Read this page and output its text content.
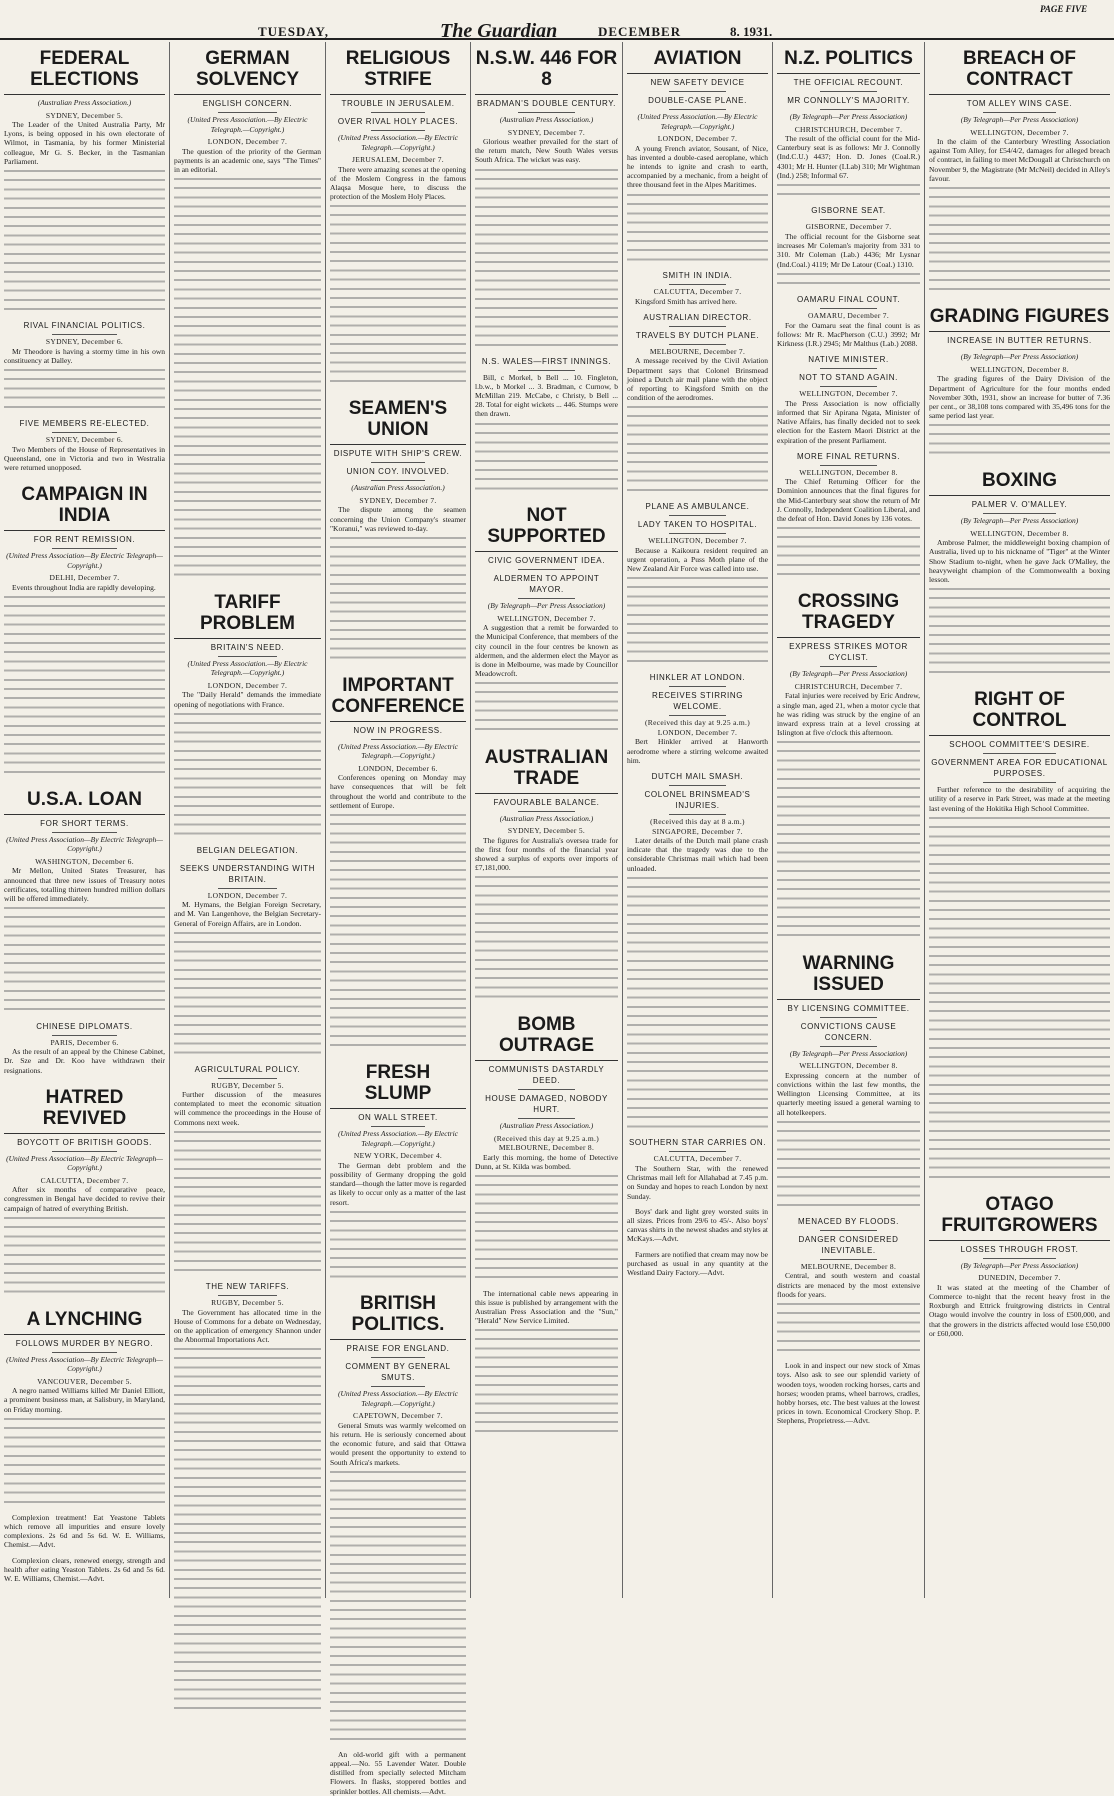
TUESDAY,	The Guardian	DECEMBER	8. 1931.
PAGE FIVE
FEDERAL ELECTIONS
(Australian Press Association.)
SYDNEY, December 5.
The Leader of the United Australia Party, Mr Lyons, is being opposed in his own electorate of Wilmot, in Tasmania, by his former Ministerial colleague, Mr G. S. Becker, in the Tasmanian Parliament.
RIVAL FINANCIAL POLITICS.
SYDNEY, December 6.
Mr Theodore is having a stormy time in his own constituency at Dalley.
FIVE MEMBERS RE-ELECTED.
SYDNEY, December 6.
Two Members of the House of Representatives in Queensland, one in Victoria and two in Westralia were returned unopposed.
CAMPAIGN IN INDIA
FOR RENT REMISSION.
(United Press Association—By Electric Telegraph—Copyright.)
DELHI, December 7.
Events throughout India are rapidly developing.
U.S.A. LOAN
FOR SHORT TERMS.
(United Press Association—By Electric Telegraph—Copyright.)
WASHINGTON, December 6.
Mr Mellon, United States Treasurer, has announced that three new issues of Treasury notes certificates, totalling thirteen hundred million dollars will be offered immediately.
CHINESE DIPLOMATS.
PARIS, December 6.
As the result of an appeal by the Chinese Cabinet, Dr. Sze and Dr. Koo have withdrawn their resignations.
HATRED REVIVED
BOYCOTT OF BRITISH GOODS.
(United Press Association—By Electric Telegraph—Copyright.)
CALCUTTA, December 7.
After six months of comparative peace, congressmen in Bengal have decided to revive their campaign of hatred of everything British.
A LYNCHING
FOLLOWS MURDER BY NEGRO.
(United Press Association—By Electric Telegraph—Copyright.)
VANCOUVER, December 5.
A negro named Williams killed Mr Daniel Elliott, a prominent business man, at Salisbury, in Maryland, on Friday morning.
Complexion treatment! Eat Yeastone Tablets which remove all impurities and ensure lovely complexions. 2s 6d and 5s 6d. W. E. Williams, Chemist.—Advt.
Complexion clears, renewed energy, strength and health after eating Yeaston Tablets. 2s 6d and 5s 6d. W. E. Williams, Chemist.—Advt.
GERMAN SOLVENCY
ENGLISH CONCERN.
(United Press Association.—By Electric Telegraph.—Copyright.)
LONDON, December 7.
The question of the priority of the German payments is an academic one, says "The Times" in an editorial.
TARIFF PROBLEM
BRITAIN'S NEED.
(United Press Association.—By Electric Telegraph.—Copyright.)
LONDON, December 7.
The "Daily Herald" demands the immediate opening of negotiations with France.
BELGIAN DELEGATION.
SEEKS UNDERSTANDING WITH BRITAIN.
LONDON, December 7.
M. Hymans, the Belgian Foreign Secretary, and M. Van Langenhove, the Belgian Secretary-General of Foreign Affairs, are in London.
AGRICULTURAL POLICY.
RUGBY, December 5.
Further discussion of the measures contemplated to meet the economic situation will commence the proceedings in the House of Commons next week.
THE NEW TARIFFS.
RUGBY, December 5.
The Government has allocated time in the House of Commons for a debate on Wednesday, on the application of emergency Shannon under the Abnormal Importations Act.
RELIGIOUS STRIFE
TROUBLE IN JERUSALEM.
OVER RIVAL HOLY PLACES.
(United Press Association.—By Electric Telegraph.—Copyright.)
JERUSALEM, December 7.
There were amazing scenes at the opening of the Moslem Congress in the famous Alaqsa Mosque here, to discuss the protection of the Moslem Holy Places.
SEAMEN'S UNION
DISPUTE WITH SHIP'S CREW.
UNION COY. INVOLVED.
(Australian Press Association.)
SYDNEY, December 7.
The dispute among the seamen concerning the Union Company's steamer "Koranui," was reviewed to-day.
IMPORTANT CONFERENCE
NOW IN PROGRESS.
(United Press Association.—By Electric Telegraph.—Copyright.)
LONDON, December 6.
Conferences opening on Monday may have consequences that will be felt throughout the world and contribute to the settlement of Europe.
FRESH SLUMP
ON WALL STREET.
(United Press Association.—By Electric Telegraph.—Copyright.)
NEW YORK, December 4.
The German debt problem and the possibility of Germany dropping the gold standard—though the latter move is regarded as likely to occur only as a matter of the last resort.
BRITISH POLITICS.
PRAISE FOR ENGLAND.
COMMENT BY GENERAL SMUTS.
(United Press Association.—By Electric Telegraph.—Copyright.)
CAPETOWN, December 7.
General Smuts was warmly welcomed on his return. He is seriously concerned about the economic future, and said that Ottawa would present the opportunity to extend to South Africa's markets.
An old-world gift with a permanent appeal.—No. 55 Lavender Water. Double distilled from specially selected Mitcham Flowers. In flasks, stoppered bottles and sprinkler bottles. All chemists.—Advt.
N.S.W. 446 FOR 8
BRADMAN'S DOUBLE CENTURY.
(Australian Press Association.)
SYDNEY, December 7.
Glorious weather prevailed for the start of the return match, New South Wales versus South Africa. The wicket was easy.
N.S. WALES—FIRST INNINGS.
Bill, c Morkel, b Bell ... 10. Fingleton, l.b.w., b Morkel ... 3. Bradman, c Curnow, b McMillan 219. McCabe, c Christy, b Bell ... 28. Total for eight wickets ... 446. Stumps were then drawn.
NOT SUPPORTED
CIVIC GOVERNMENT IDEA.
ALDERMEN TO APPOINT MAYOR.
(By Telegraph—Per Press Association)
WELLINGTON, December 7.
A suggestion that a remit be forwarded to the Municipal Conference, that members of the city council in the four centres be known as aldermen, and the aldermen elect the Mayor as is done in Melbourne, was made by Councillor Meadowcroft.
AUSTRALIAN TRADE
FAVOURABLE BALANCE.
(Australian Press Association.)
SYDNEY, December 5.
The figures for Australia's oversea trade for the first four months of the financial year showed a surplus of exports over imports of £7,181,000.
BOMB OUTRAGE
COMMUNISTS DASTARDLY DEED.
HOUSE DAMAGED, NOBODY HURT.
(Australian Press Association.)
(Received this day at 9.25 a.m.) MELBOURNE, December 8.
Early this morning, the home of Detective Dunn, at St. Kilda was bombed.
The international cable news appearing in this issue is published by arrangement with the Australian Press Association and the "Sun," "Herald" New Service Limited.
AVIATION
NEW SAFETY DEVICE
DOUBLE-CASE PLANE.
(United Press Association.—By Electric Telegraph.—Copyright.)
LONDON, December 7.
A young French aviator, Sousant, of Nice, has invented a double-cased aeroplane, which he intends to ignite and crash to earth, accompanied by a mechanic, from a height of three thousand feet in the Alpes Maritimes.
SMITH IN INDIA.
CALCUTTA, December 7.
Kingsford Smith has arrived here.
AUSTRALIAN DIRECTOR.
TRAVELS BY DUTCH PLANE.
MELBOURNE, December 7.
A message received by the Civil Aviation Department says that Colonel Brinsmead joined a Dutch air mail plane with the object of reporting to Kingsford Smith on the condition of the aerodromes.
PLANE AS AMBULANCE.
LADY TAKEN TO HOSPITAL.
WELLINGTON, December 7.
Because a Kaikoura resident required an urgent operation, a Puss Moth plane of the New Zealand Air Force was called into use.
HINKLER AT LONDON.
RECEIVES STIRRING WELCOME.
(Received this day at 9.25 a.m.) LONDON, December 7.
Bert Hinkler arrived at Hanworth aerodrome where a stirring welcome awaited him.
DUTCH MAIL SMASH.
COLONEL BRINSMEAD'S INJURIES.
(Received this day at 8 a.m.) SINGAPORE, December 7.
Later details of the Dutch mail plane crash indicate that the tragedy was due to the considerable Christmas mail which had been unloaded.
SOUTHERN STAR CARRIES ON.
CALCUTTA, December 7.
The Southern Star, with the renewed Christmas mail left for Allahabad at 7.45 p.m. on Sunday and hopes to reach London by next Sunday.
Boys' dark and light grey worsted suits in all sizes. Prices from 29/6 to 45/-. Also boys' canvas shirts in the newest shades and styles at McKays.—Advt.
Farmers are notified that cream may now be purchased as usual in any quantity at the Westland Dairy Factory.—Advt.
N.Z. POLITICS
THE OFFICIAL RECOUNT.
MR CONNOLLY'S MAJORITY.
(By Telegraph—Per Press Association)
CHRISTCHURCH, December 7.
The result of the official count for the Mid-Canterbury seat is as follows: Mr J. Connolly (Ind.C.U.) 4437; Hon. D. Jones (Coal.R.) 4301; Mr H. Hunter (I.Lab) 310; Mr Wightman (Ind.) 258; Informal 67.
GISBORNE SEAT.
GISBORNE, December 7.
The official recount for the Gisborne seat increases Mr Coleman's majority from 331 to 310. Mr Coleman (Lab.) 4436; Mr Lysnar (Ind.Coal.) 4119; Mr De Latour (Coal.) 1310.
OAMARU FINAL COUNT.
OAMARU, December 7.
For the Oamaru seat the final count is as follows: Mr R. MacPherson (C.U.) 3992; Mr Kirkness (I.R.) 2945; Mr Malthus (Lab.) 2088.
NATIVE MINISTER.
NOT TO STAND AGAIN.
WELLINGTON, December 7.
The Press Association is now officially informed that Sir Apirana Ngata, Minister of Native Affairs, has finally decided not to seek election for the Eastern Maori District at the expiration of the present Parliament.
MORE FINAL RETURNS.
WELLINGTON, December 8.
The Chief Returning Officer for the Dominion announces that the final figures for the Mid-Canterbury seat show the return of Mr J. Connolly, Independent Coalition Liberal, and the defeat of Hon. David Jones by 136 votes.
CROSSING TRAGEDY
EXPRESS STRIKES MOTOR CYCLIST.
(By Telegraph—Per Press Association)
CHRISTCHURCH, December 7.
Fatal injuries were received by Eric Andrew, a single man, aged 21, when a motor cycle that he was riding was struck by the engine of an inward express train at a level crossing at Islington at five o'clock this afternoon.
WARNING ISSUED
BY LICENSING COMMITTEE.
CONVICTIONS CAUSE CONCERN.
(By Telegraph—Per Press Association)
WELLINGTON, December 8.
Expressing concern at the number of convictions within the last few months, the Wellington Licensing Committee, at its quarterly meeting issued a general warning to all hotelkeepers.
MENACED BY FLOODS.
DANGER CONSIDERED INEVITABLE.
MELBOURNE, December 8.
Central, and south western and coastal districts are menaced by the most extensive floods for years.
Look in and inspect our new stock of Xmas toys. Also ask to see our splendid variety of wooden toys, wooden rocking horses, carts and horses; wooden prams, wheel barrows, cradles, hobby horses, etc. The best values at the lowest prices in town. Economical Crockery Shop. P. Stephens, Proprietress.—Advt.
BREACH OF CONTRACT
TOM ALLEY WINS CASE.
(By Telegraph—Per Press Association)
WELLINGTON, December 7.
In the claim of the Canterbury Wrestling Association against Tom Alley, for £54/4/2, damages for alleged breach of contract, in failing to meet McDougall at Christchurch on November 9, the Magistrate (Mr McNeil) decided in Alley's favour.
GRADING FIGURES
INCREASE IN BUTTER RETURNS.
(By Telegraph—Per Press Association)
WELLINGTON, December 8.
The grading figures of the Dairy Division of the Department of Agriculture for the four months ended November 30th, 1931, show an increase for butter of 7.36 per cent., or 38,108 tons compared with 35,496 tons for the same period last year.
BOXING
PALMER V. O'MALLEY.
(By Telegraph—Per Press Association)
WELLINGTON, December 8.
Ambrose Palmer, the middleweight boxing champion of Australia, lived up to his nickname of "Tiger" at the Winter Show Stadium to-night, when he gave Jack O'Malley, the heavyweight champion of the Commonwealth a boxing lesson.
RIGHT OF CONTROL
SCHOOL COMMITTEE'S DESIRE.
GOVERNMENT AREA FOR EDUCATIONAL PURPOSES.
Further reference to the desirability of acquiring the utility of a reserve in Park Street, was made at the meeting last evening of the Hokitika High School Committee.
OTAGO FRUITGROWERS
LOSSES THROUGH FROST.
(By Telegraph—Per Press Association)
DUNEDIN, December 7.
It was stated at the meeting of the Chamber of Commerce to-night that the recent heavy frost in the Roxburgh and Ettrick fruitgrowing districts in Central Otago would involve the country in loss of £500,000, and that the growers in the districts affected would lose £50,000 or £60,000.
